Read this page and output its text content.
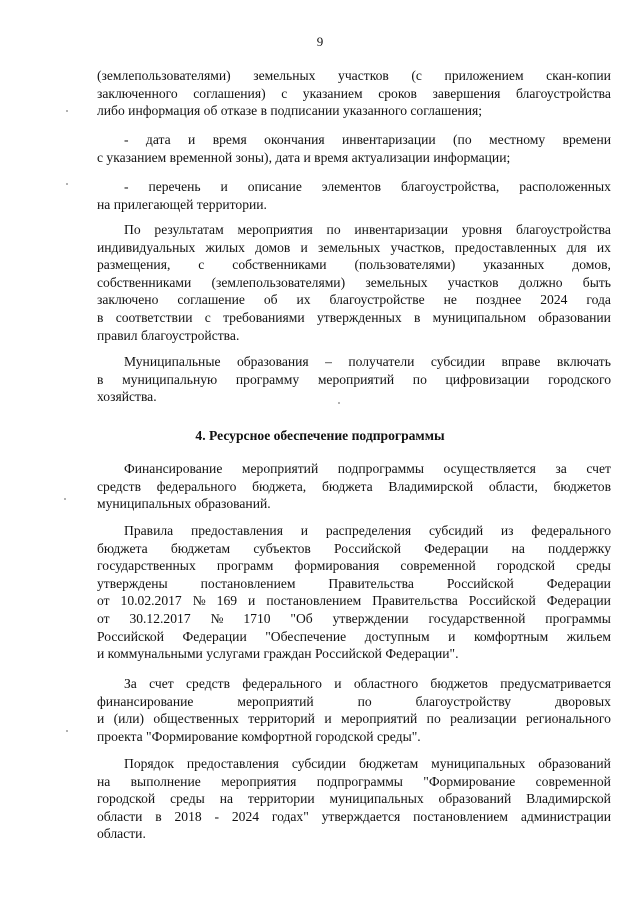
9
(землепользователями) земельных участков (с приложением скан-копии
заключенного соглашения) с указанием сроков завершения благоустройства
либо информация об отказе в подписании указанного соглашения;
- дата и время окончания инвентаризации (по местному времени
с указанием временной зоны), дата и время актуализации информации;
- перечень и описание элементов благоустройства, расположенных
на прилегающей территории.
По результатам мероприятия по инвентаризации уровня благоустройства
индивидуальных жилых домов и земельных участков, предоставленных для их
размещения, с собственниками (пользователями) указанных домов,
собственниками (землепользователями) земельных участков должно быть
заключено соглашение об их благоустройстве не позднее 2024 года
в соответствии с требованиями утвержденных в муниципальном образовании
правил благоустройства.
Муниципальные образования – получатели субсидии вправе включать
в муниципальную программу мероприятий по цифровизации городского
хозяйства.
4. Ресурсное обеспечение подпрограммы
Финансирование мероприятий подпрограммы осуществляется за счет
средств федерального бюджета, бюджета Владимирской области, бюджетов
муниципальных образований.
Правила предоставления и распределения субсидий из федерального
бюджета бюджетам субъектов Российской Федерации на поддержку
государственных программ формирования современной городской среды
утверждены постановлением Правительства Российской Федерации
от 10.02.2017 № 169 и постановлением Правительства Российской Федерации
от 30.12.2017 № 1710 "Об утверждении государственной программы
Российской Федерации "Обеспечение доступным и комфортным жильем
и коммунальными услугами граждан Российской Федерации".
За счет средств федерального и областного бюджетов предусматривается
финансирование	мероприятий	по	благоустройству	дворовых
и (или) общественных территорий и мероприятий по реализации регионального
проекта "Формирование комфортной городской среды".
Порядок предоставления субсидии бюджетам муниципальных образований
на выполнение мероприятия подпрограммы "Формирование современной
городской среды на территории муниципальных образований Владимирской
области в 2018 - 2024 годах" утверждается постановлением администрации
области.
